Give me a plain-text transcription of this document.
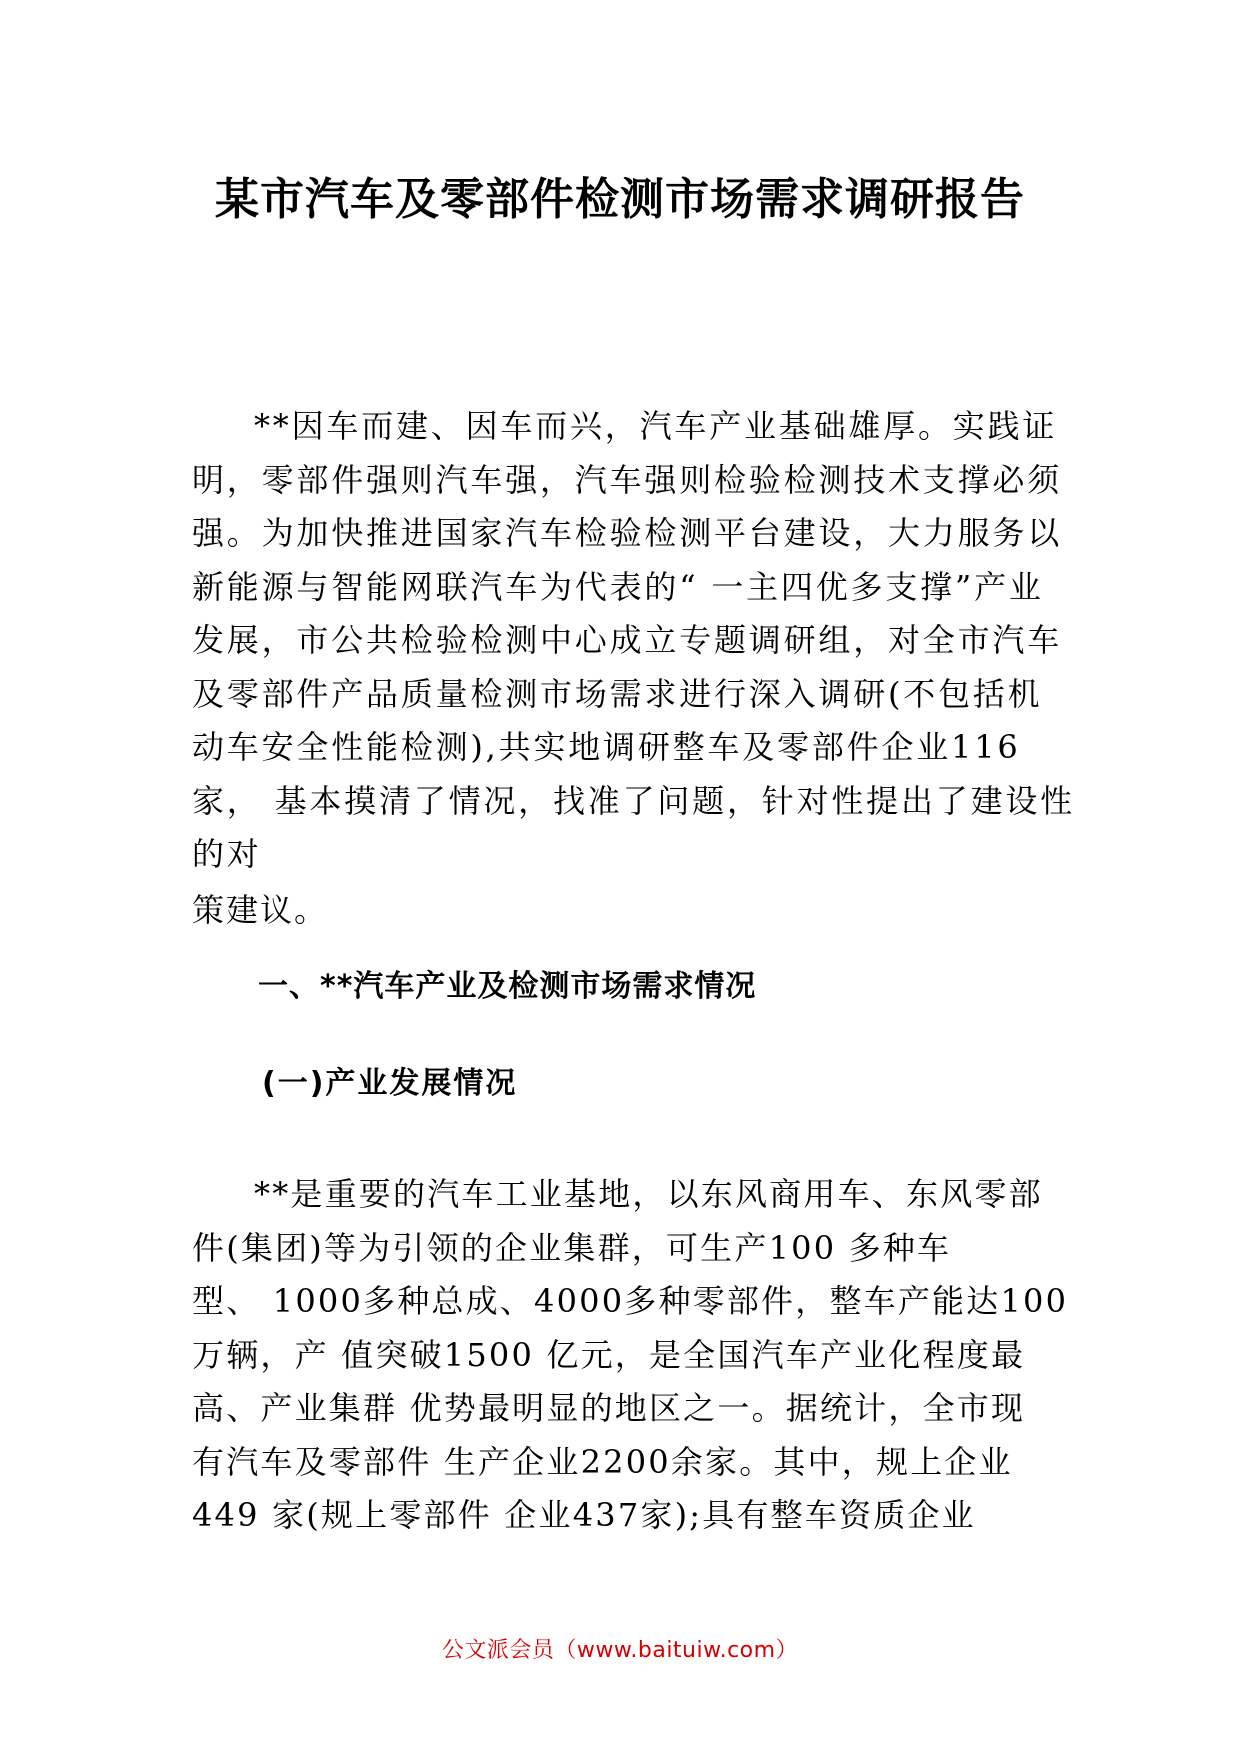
某市汽车及零部件检测市场需求调研报告
**因车而建、因车而兴，汽车产业基础雄厚。实践证
明，零部件强则汽车强，汽车强则检验检测技术支撑必须
强。为加快推进国家汽车检验检测平台建设，大力服务以
新能源与智能网联汽车为代表的“ 一主四优多支撑”产业
发展，市公共检验检测中心成立专题调研组，对全市汽车
及零部件产品质量检测市场需求进行深入调研(不包括机
动车安全性能检测),共实地调研整车及零部件企业116
家， 基本摸清了情况，找准了问题，针对性提出了建设性
的对

策建议。

一、**汽车产业及检测市场需求情况
(一)产业发展情况
**是重要的汽车工业基地，以东风商用车、东风零部
件(集团)等为引领的企业集群，可生产100 多种车
型、 1000多种总成、4000多种零部件，整车产能达100
万辆，产 值突破1500 亿元，是全国汽车产业化程度最
高、产业集群 优势最明显的地区之一。据统计，全市现
有汽车及零部件 生产企业2200余家。其中，规上企业
449 家(规上零部件 企业437家);具有整车资质企业
公文派会员（www.baituiw.com）
